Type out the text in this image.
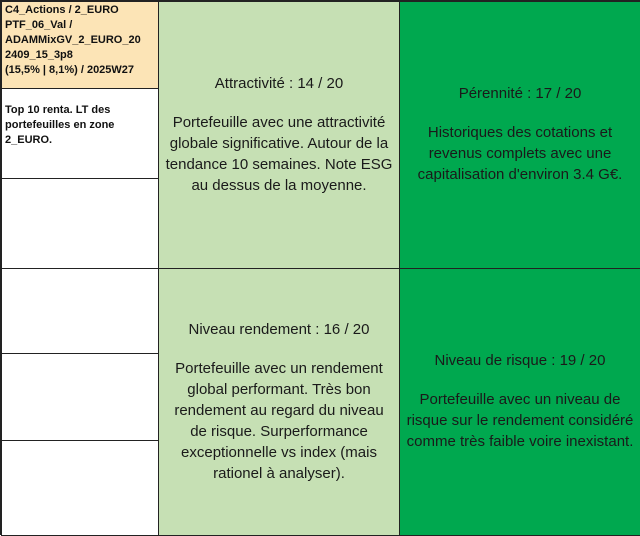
C4_Actions / 2_EURO
PTF_06_Val /
ADAMMixGV_2_EURO_20
2409_15_3p8
(15,5% | 8,1%) / 2025W27
Top 10 renta. LT des portefeuilles en zone 2_EURO.
Attractivité : 14 / 20
Portefeuille avec une attractivité globale significative. Autour de la tendance 10 semaines. Note ESG au dessus de la moyenne.
Pérennité : 17 / 20
Historiques des cotations et revenus complets avec une capitalisation d'environ 3.4 G€.
Niveau rendement : 16 / 20
Portefeuille avec un rendement global performant. Très bon rendement au regard du niveau de risque. Surperformance exceptionnelle vs index (mais rationel à analyser).
Niveau de risque : 19 / 20
Portefeuille avec un niveau de risque sur le rendement considéré comme très faible voire inexistant.
